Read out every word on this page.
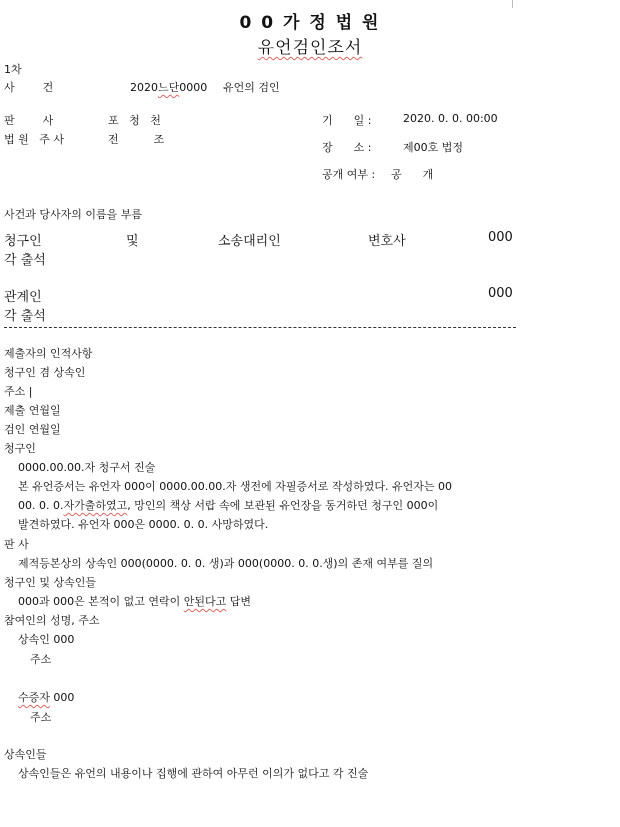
0 0 가 정 법 원
유언검인조서
1차
사        건	2020느단0000 유언의 검인
판        사	포   청   천
법 원   주 사	전          조
기      일 :	2020. 0. 0. 00:00
장      소 :	제00호 법정
공개 여부 : 공      개
사건과 당사자의 이름을 부름
청구인	및	소송대리인	변호사	000
각 출석
관계인	000
각 출석
제출자의 인적사항
청구인 겸 상속인
주소 |
제출 연월일
검인 연월일
청구인
0000.00.00.자 청구서 진술
본 유언증서는 유언자 000이 0000.00.00.자 생전에 자필증서로 작성하였다. 유언자는 00
00. 0. 0.자가출하였고, 망인의 책상 서랍 속에 보관된 유언장을 동거하던 청구인 000이
발견하였다. 유언자 000은 0000. 0. 0. 사망하였다.
판 사
제적등본상의 상속인 000(0000. 0. 0. 생)과 000(0000. 0. 0.생)의 존재 여부를 질의
청구인 및 상속인들
000과 000은 본적이 없고 연락이 안된다고 답변
참여인의 성명, 주소
상속인 000
주소
수증자 000
주소
상속인들
상속인들은 유언의 내용이나 집행에 관하여 아무런 이의가 없다고 각 진술
